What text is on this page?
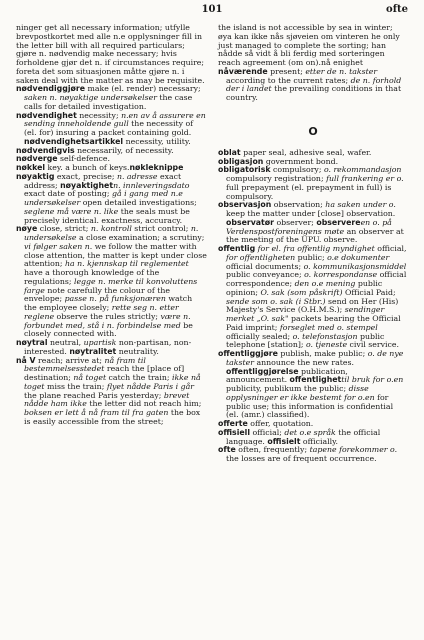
101	ofte

ninger get all necessary information; utfylle brevpostkortet med alle n.e opplysninger fill in the letter bill with all required particulars; gjøre n. nødvendig make necessary; hvis forholdene gjør det n. if circumstances require; foreta det som situasjonen måtte gjøre n. i saken deal with the matter as may be requisite.

nødvendiggjøre make (el. render) necessary; saken n. nøyaktige undersøkelser the case calls for detailed investigation.

nødvendighet necessity; n.en av å assurere en sending inneholdende gull the necessity of (el. for) insuring a packet containing gold. nødvendighetsartikkel necessity, utility.

nødvendigvis necessarily, of necessity.

nødverge self-defence.

nøkkel key. a bunch of keys.nøkleknippe

nøyaktig exact, precise; n. adresse exact address; nøyaktighetn. innleveringsdato exact date of posting; gå i gang med n.e undersøkelser open detailed investigations; seglene må være n. like the seals must be precisely identical. exactness, accuracy.

nøye close, strict; n. kontroll strict control; n. undersøkelse a close examination; a scrutiny; vi følger saken n. we follow the matter with close attention, the matter is kept under close attention; ha n. kjennskap til reglementet have a thorough knowledge of the regulations; legge n. merke til konvoluttens farge note carefully the colour of the envelope; passe n. på funksjonæren watch the employee closely; rette seg n. etter reglene observe the rules strictly; være n. forbundet med, stå i n. forbindelse med be closely connected with.

nøytral neutral, upartisk non-partisan, non-interested. nøytralitet neutrality.

nå V reach; arrive at; nå fram til bestemmelsesstedet reach the [place of] destination; nå toget catch the train; ikke nå toget miss the train; flyet nådde Paris i går the plane reached Paris yesterday; brevet nådde ham ikke the letter did not reach him; boksen er lett å nå fram til fra gaten the box is easily accessible from the street;

the island is not accessible by sea in winter; øya kan ikke nås sjøveien om vinteren he only just managed to complete the sorting; han nådde så vidt å bli ferdig med sorteringen reach agreement (om on).nå enighet

nåværende present; etter de n. takster according to the current rates; de n. forhold der i landet the prevailing conditions in that country.

O

oblat paper seal, adhesive seal, wafer.

obligasjon government bond.

obligatorisk compulsory; o. rekommandasjon compulsory registration; full frankering er o. full prepayment (el. prepayment in full) is compulsory.

observasjon observation; ha saken under o. keep the matter under [close] observation. observatør observer; observereen o. på Verdenspostforeningens møte an observer at the meeting of the UPU. observe.

offentlig for el. fra offentlig myndighet official, for offentligheten public; o.e dokumenter official documents; o. kommunikasjonsmiddel public conveyance; o. korrespondanse official correspondence; den o.e mening public opinion; O. sak (som påskrift) Official Paid; sende som o. sak (i Stbr.) send on Her (His) Majesty's Service (O.H.M.S.); sendinger merket „O. sak" packets bearing the Official Paid imprint; forseglet med o. stempel officially sealed; o. telefonstasjon public telephone [station]; o. tjeneste civil service.

offentliggjøre publish, make public; o. de nye takster announce the new rates. offentliggjørelse publication, announcement. offentlighettil bruk for o.en publicity, publikum the public; disse opplysninger er ikke bestemt for o.en for public use; this information is confidential (el. (amr.) classified).

offerte offer, quotation.

offisiell official; det o.e språk the official language. offisielt officially.

ofte often, frequently; tapene forekommer o. the losses are of frequent occurrence.
